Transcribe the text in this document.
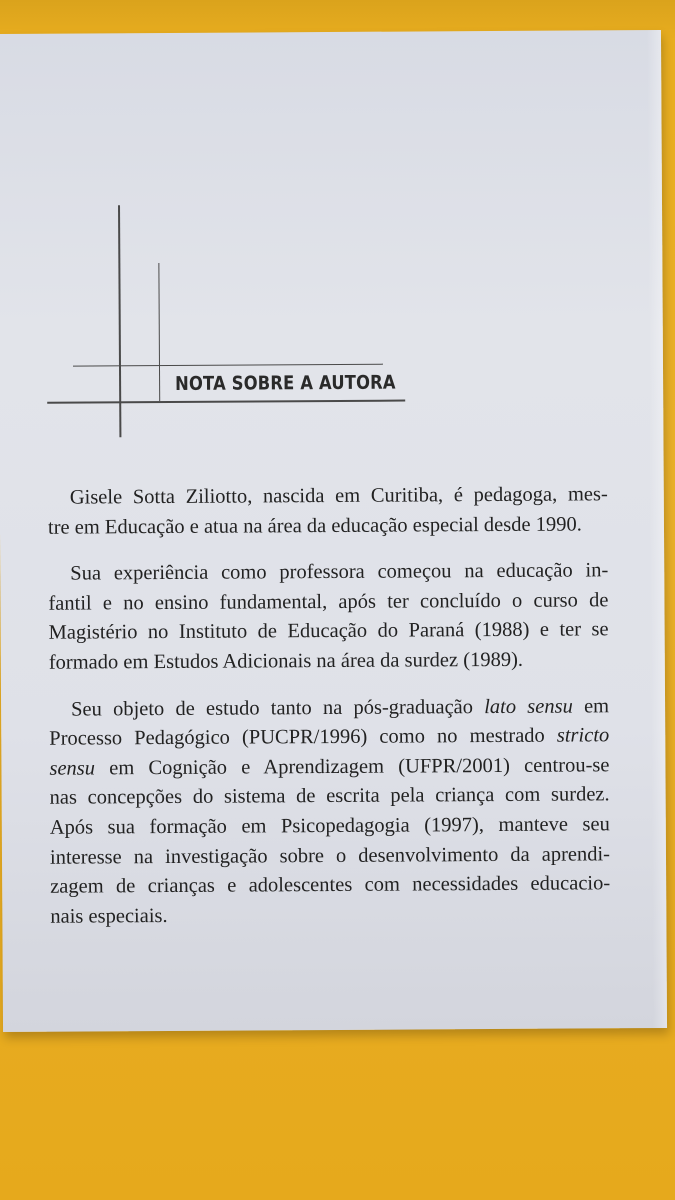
NOTA SOBRE A AUTORA

Gisele Sotta Ziliotto, nascida em Curitiba, é pedagoga, mes-
tre em Educação e atua na área da educação especial desde 1990.

Sua experiência como professora começou na educação in-
fantil e no ensino fundamental, após ter concluído o curso de
Magistério no Instituto de Educação do Paraná (1988) e ter se
formado em Estudos Adicionais na área da surdez (1989).

Seu objeto de estudo tanto na pós-graduação lato sensu em
Processo Pedagógico (PUCPR/1996) como no mestrado stricto
sensu em Cognição e Aprendizagem (UFPR/2001) centrou-se
nas concepções do sistema de escrita pela criança com surdez.
Após sua formação em Psicopedagogia (1997), manteve seu
interesse na investigação sobre o desenvolvimento da aprendi-
zagem de crianças e adolescentes com necessidades educacio-
nais especiais.
